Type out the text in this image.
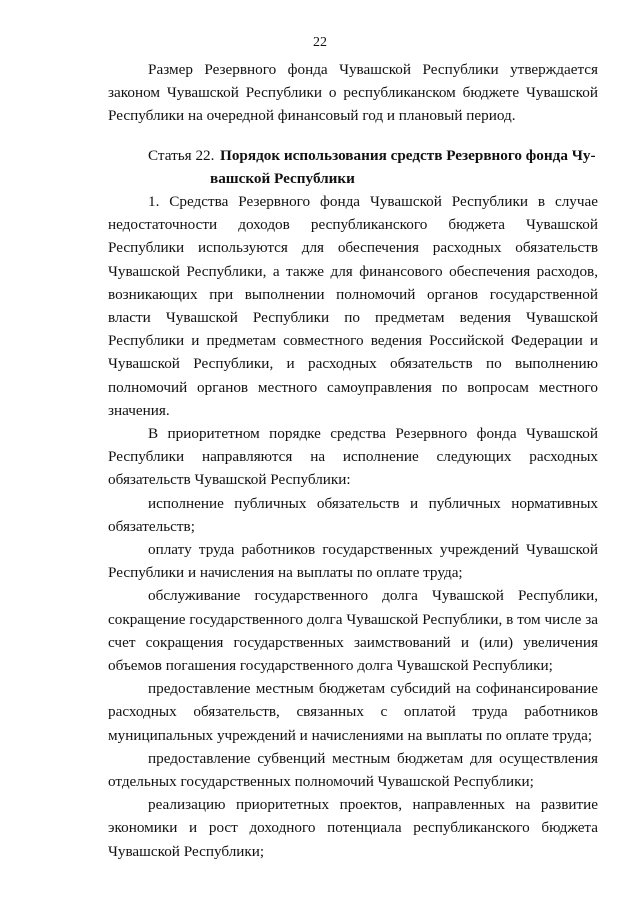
22

Размер Резервного фонда Чувашской Республики утверждается законом Чувашской Республики о республиканском бюджете Чувашской Республики на очередной финансовый год и плановый период.

Статья 22. Порядок использования средств Резервного фонда Чу-
вашской Республики

1. Средства Резервного фонда Чувашской Республики в случае недостаточности доходов республиканского бюджета Чувашской Республики используются для обеспечения расходных обязательств Чувашской Республики, а также для финансового обеспечения расходов, возникающих при выполнении полномочий органов государственной власти Чувашской Республики по предметам ведения Чувашской Республики и предметам совместного ведения Российской Федерации и Чувашской Республики, и расходных обязательств по выполнению полномочий органов местного самоуправления по вопросам местного значения.

В приоритетном порядке средства Резервного фонда Чувашской Республики направляются на исполнение следующих расходных обязательств Чувашской Республики:

исполнение публичных обязательств и публичных нормативных обязательств;

оплату труда работников государственных учреждений Чувашской Республики и начисления на выплаты по оплате труда;

обслуживание государственного долга Чувашской Республики, сокращение государственного долга Чувашской Республики, в том числе за счет сокращения государственных заимствований и (или) увеличения объемов погашения государственного долга Чувашской Республики;

предоставление местным бюджетам субсидий на софинансирование расходных обязательств, связанных с оплатой труда работников муниципальных учреждений и начислениями на выплаты по оплате труда;

предоставление субвенций местным бюджетам для осуществления отдельных государственных полномочий Чувашской Республики;

реализацию приоритетных проектов, направленных на развитие экономики и рост доходного потенциала республиканского бюджета Чувашской Республики;
